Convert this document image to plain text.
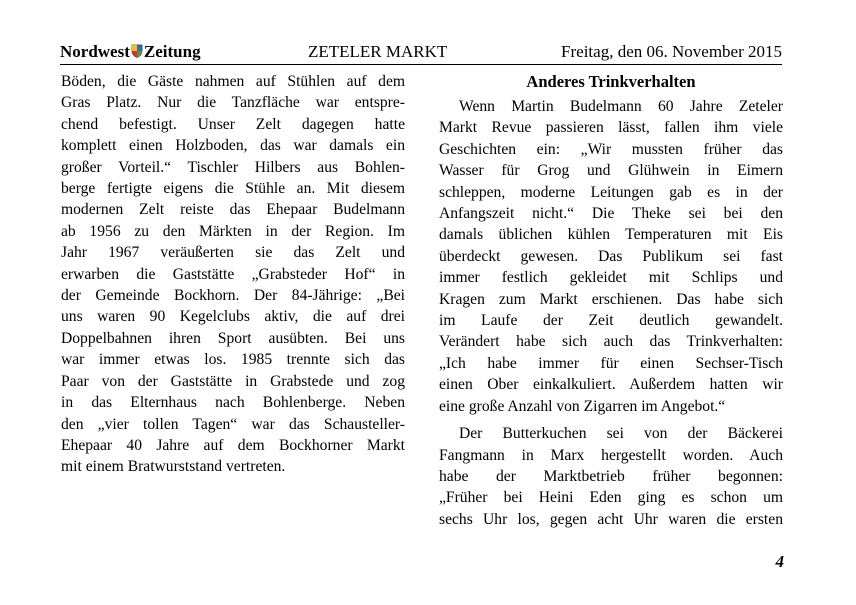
Nordwest Zeitung	ZETELER MARKT	Freitag, den 06. November 2015

Böden, die Gäste nahmen auf Stühlen auf dem
Gras Platz. Nur die Tanzfläche war entspre-
chend befestigt. Unser Zelt dagegen hatte
komplett einen Holzboden, das war damals ein
großer Vorteil.“ Tischler Hilbers aus Bohlen-
berge fertigte eigens die Stühle an. Mit diesem
modernen Zelt reiste das Ehepaar Budelmann
ab 1956 zu den Märkten in der Region. Im
Jahr 1967 veräußerten sie das Zelt und
erwarben die Gaststätte „Grabsteder Hof“ in
der Gemeinde Bockhorn. Der 84-Jährige: „Bei
uns waren 90 Kegelclubs aktiv, die auf drei
Doppelbahnen ihren Sport ausübten. Bei uns
war immer etwas los. 1985 trennte sich das
Paar von der Gaststätte in Grabstede und zog
in das Elternhaus nach Bohlenberge. Neben
den „vier tollen Tagen“ war das Schausteller-
Ehepaar 40 Jahre auf dem Bockhorner Markt
mit einem Bratwurststand vertreten.

Anderes Trinkverhalten

Wenn Martin Budelmann 60 Jahre Zeteler
Markt Revue passieren lässt, fallen ihm viele
Geschichten ein: „Wir mussten früher das
Wasser für Grog und Glühwein in Eimern
schleppen, moderne Leitungen gab es in der
Anfangszeit nicht.“ Die Theke sei bei den
damals üblichen kühlen Temperaturen mit Eis
überdeckt gewesen. Das Publikum sei fast
immer festlich gekleidet mit Schlips und
Kragen zum Markt erschienen. Das habe sich
im Laufe der Zeit deutlich gewandelt.
Verändert habe sich auch das Trinkverhalten:
„Ich habe immer für einen Sechser-Tisch
einen Ober einkalkuliert. Außerdem hatten wir
eine große Anzahl von Zigarren im Angebot.“

Der Butterkuchen sei von der Bäckerei
Fangmann in Marx hergestellt worden. Auch
habe der Marktbetrieb früher begonnen:
„Früher bei Heini Eden ging es schon um
sechs Uhr los, gegen acht Uhr waren die ersten

4
